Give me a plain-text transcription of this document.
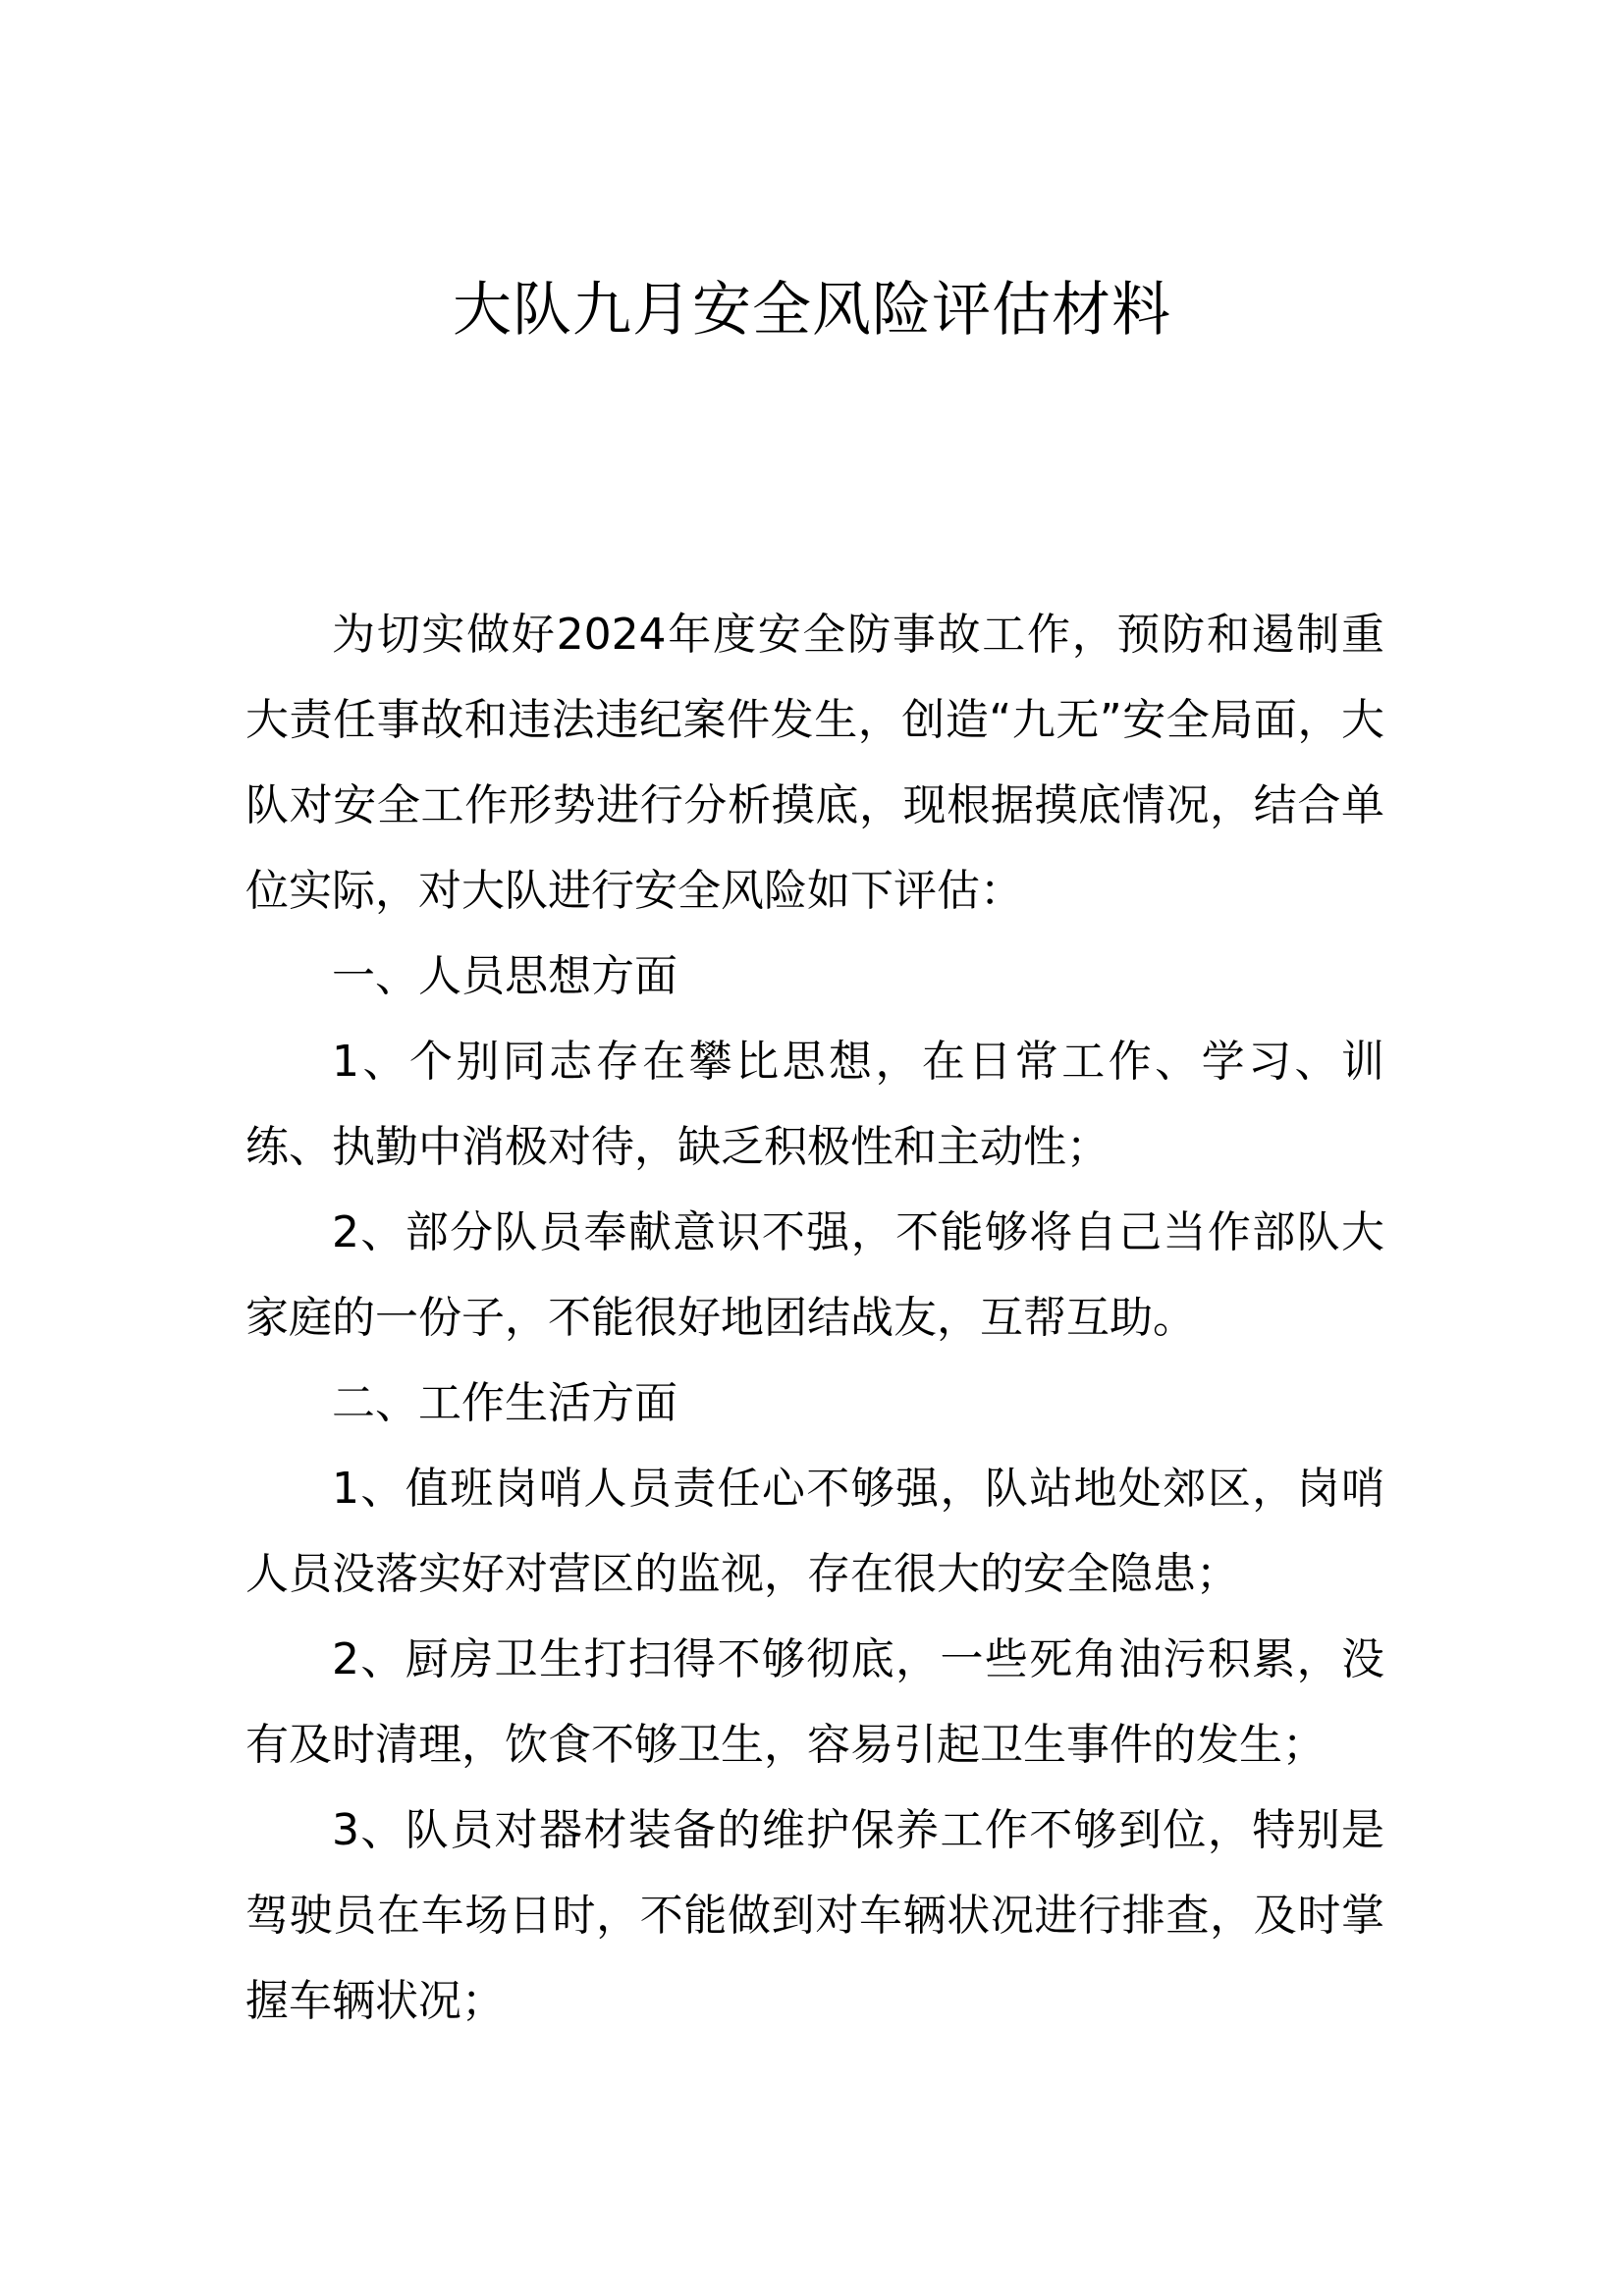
大队九月安全风险评估材料

为切实做好2024年度安全防事故工作，预防和遏制重大责任事故和违法违纪案件发生，创造“九无”安全局面，大队对安全工作形势进行分析摸底，现根据摸底情况，结合单位实际，对大队进行安全风险如下评估：

一、人员思想方面

1、个别同志存在攀比思想，在日常工作、学习、训练、执勤中消极对待，缺乏积极性和主动性；

2、部分队员奉献意识不强，不能够将自己当作部队大家庭的一份子，不能很好地团结战友，互帮互助。

二、工作生活方面

1、值班岗哨人员责任心不够强，队站地处郊区，岗哨人员没落实好对营区的监视，存在很大的安全隐患；

2、厨房卫生打扫得不够彻底，一些死角油污积累，没有及时清理，饮食不够卫生，容易引起卫生事件的发生；

3、队员对器材装备的维护保养工作不够到位，特别是驾驶员在车场日时，不能做到对车辆状况进行排查，及时掌握车辆状况；
